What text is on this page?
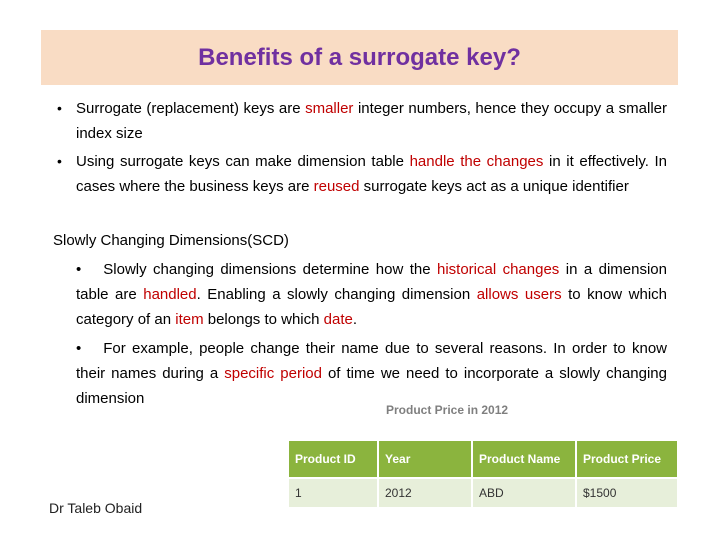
Benefits of a surrogate key?
• Surrogate (replacement) keys are smaller integer numbers, hence they occupy a smaller index size
• Using surrogate keys can make dimension table handle the changes in it effectively. In cases where the business keys are reused surrogate keys act as a unique identifier
Slowly Changing Dimensions(SCD)
• Slowly changing dimensions determine how the historical changes in a dimension table are handled. Enabling a slowly changing dimension allows users to know which category of an item belongs to which date.
• For example, people change their name due to several reasons. In order to know their names during a specific period of time we need to incorporate a slowly changing dimension
Product Price in 2012
Product ID	Year	Product Name	Product Price
1	2012	ABD	$1500
Dr Taleb Obaid
